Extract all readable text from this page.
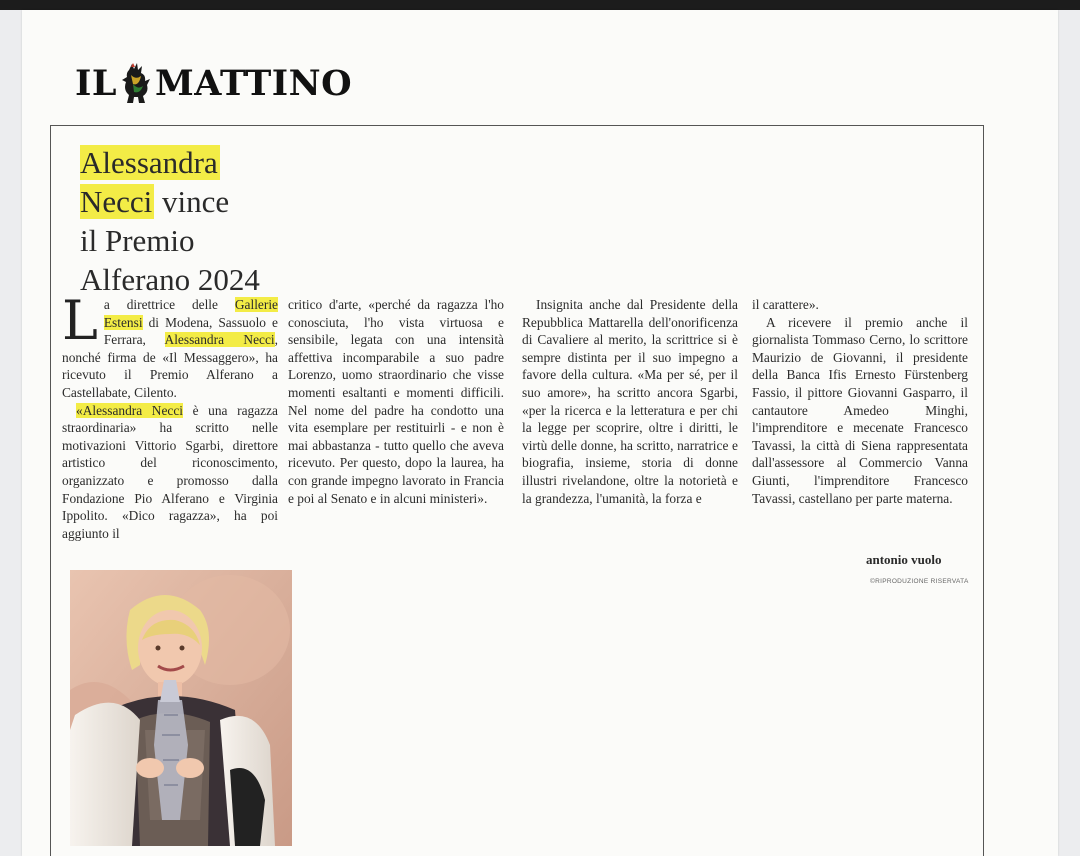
IL MATTINO
Alessandra
Necci vince
il Premio
Alferano 2024

La direttrice delle Gallerie Estensi di Modena, Sassuolo e Ferrara, Alessandra Necci, nonché firma de «Il Messaggero», ha ricevuto il Premio Alferano a Castellabate, Cilento.

«Alessandra Necci è una ragazza straordinaria» ha scritto nelle motivazioni Vittorio Sgarbi, direttore artistico del riconoscimento, organizzato e promosso dalla Fondazione Pio Alferano e Virginia Ippolito. «Dico ragazza», ha poi aggiunto il

critico d'arte, «perché da ragazza l'ho conosciuta, l'ho vista virtuosa e sensibile, legata con una intensità affettiva incomparabile a suo padre Lorenzo, uomo straordinario che visse momenti esaltanti e momenti difficili. Nel nome del padre ha condotto una vita esemplare per restituirli - e non è mai abbastanza - tutto quello che aveva ricevuto. Per questo, dopo la laurea, ha con grande impegno lavorato in Francia e poi al Senato e in alcuni ministeri».

Insignita anche dal Presidente della Repubblica Mattarella dell'onorificenza di Cavaliere al merito, la scrittrice si è sempre distinta per il suo impegno a favore della cultura. «Ma per sé, per il suo amore», ha scritto ancora Sgarbi, «per la ricerca e la letteratura e per chi la legge per scoprire, oltre i diritti, le virtù delle donne, ha scritto, narratrice e biografia, insieme, storia di donne illustri rivelandone, oltre la notorietà e la grandezza, l'umanità, la forza e

il carattere».

A ricevere il premio anche il giornalista Tommaso Cerno, lo scrittore Maurizio de Giovanni, il presidente della Banca Ifis Ernesto Fürstenberg Fassio, il pittore Giovanni Gasparro, il cantautore Amedeo Minghi, l'imprenditore e mecenate Francesco Tavassi, la città di Siena rappresentata dall'assessore al Commercio Vanna Giunti, l'imprenditore Francesco Tavassi, castellano per parte materna.

antonio vuolo
©RIPRODUZIONE RISERVATA
